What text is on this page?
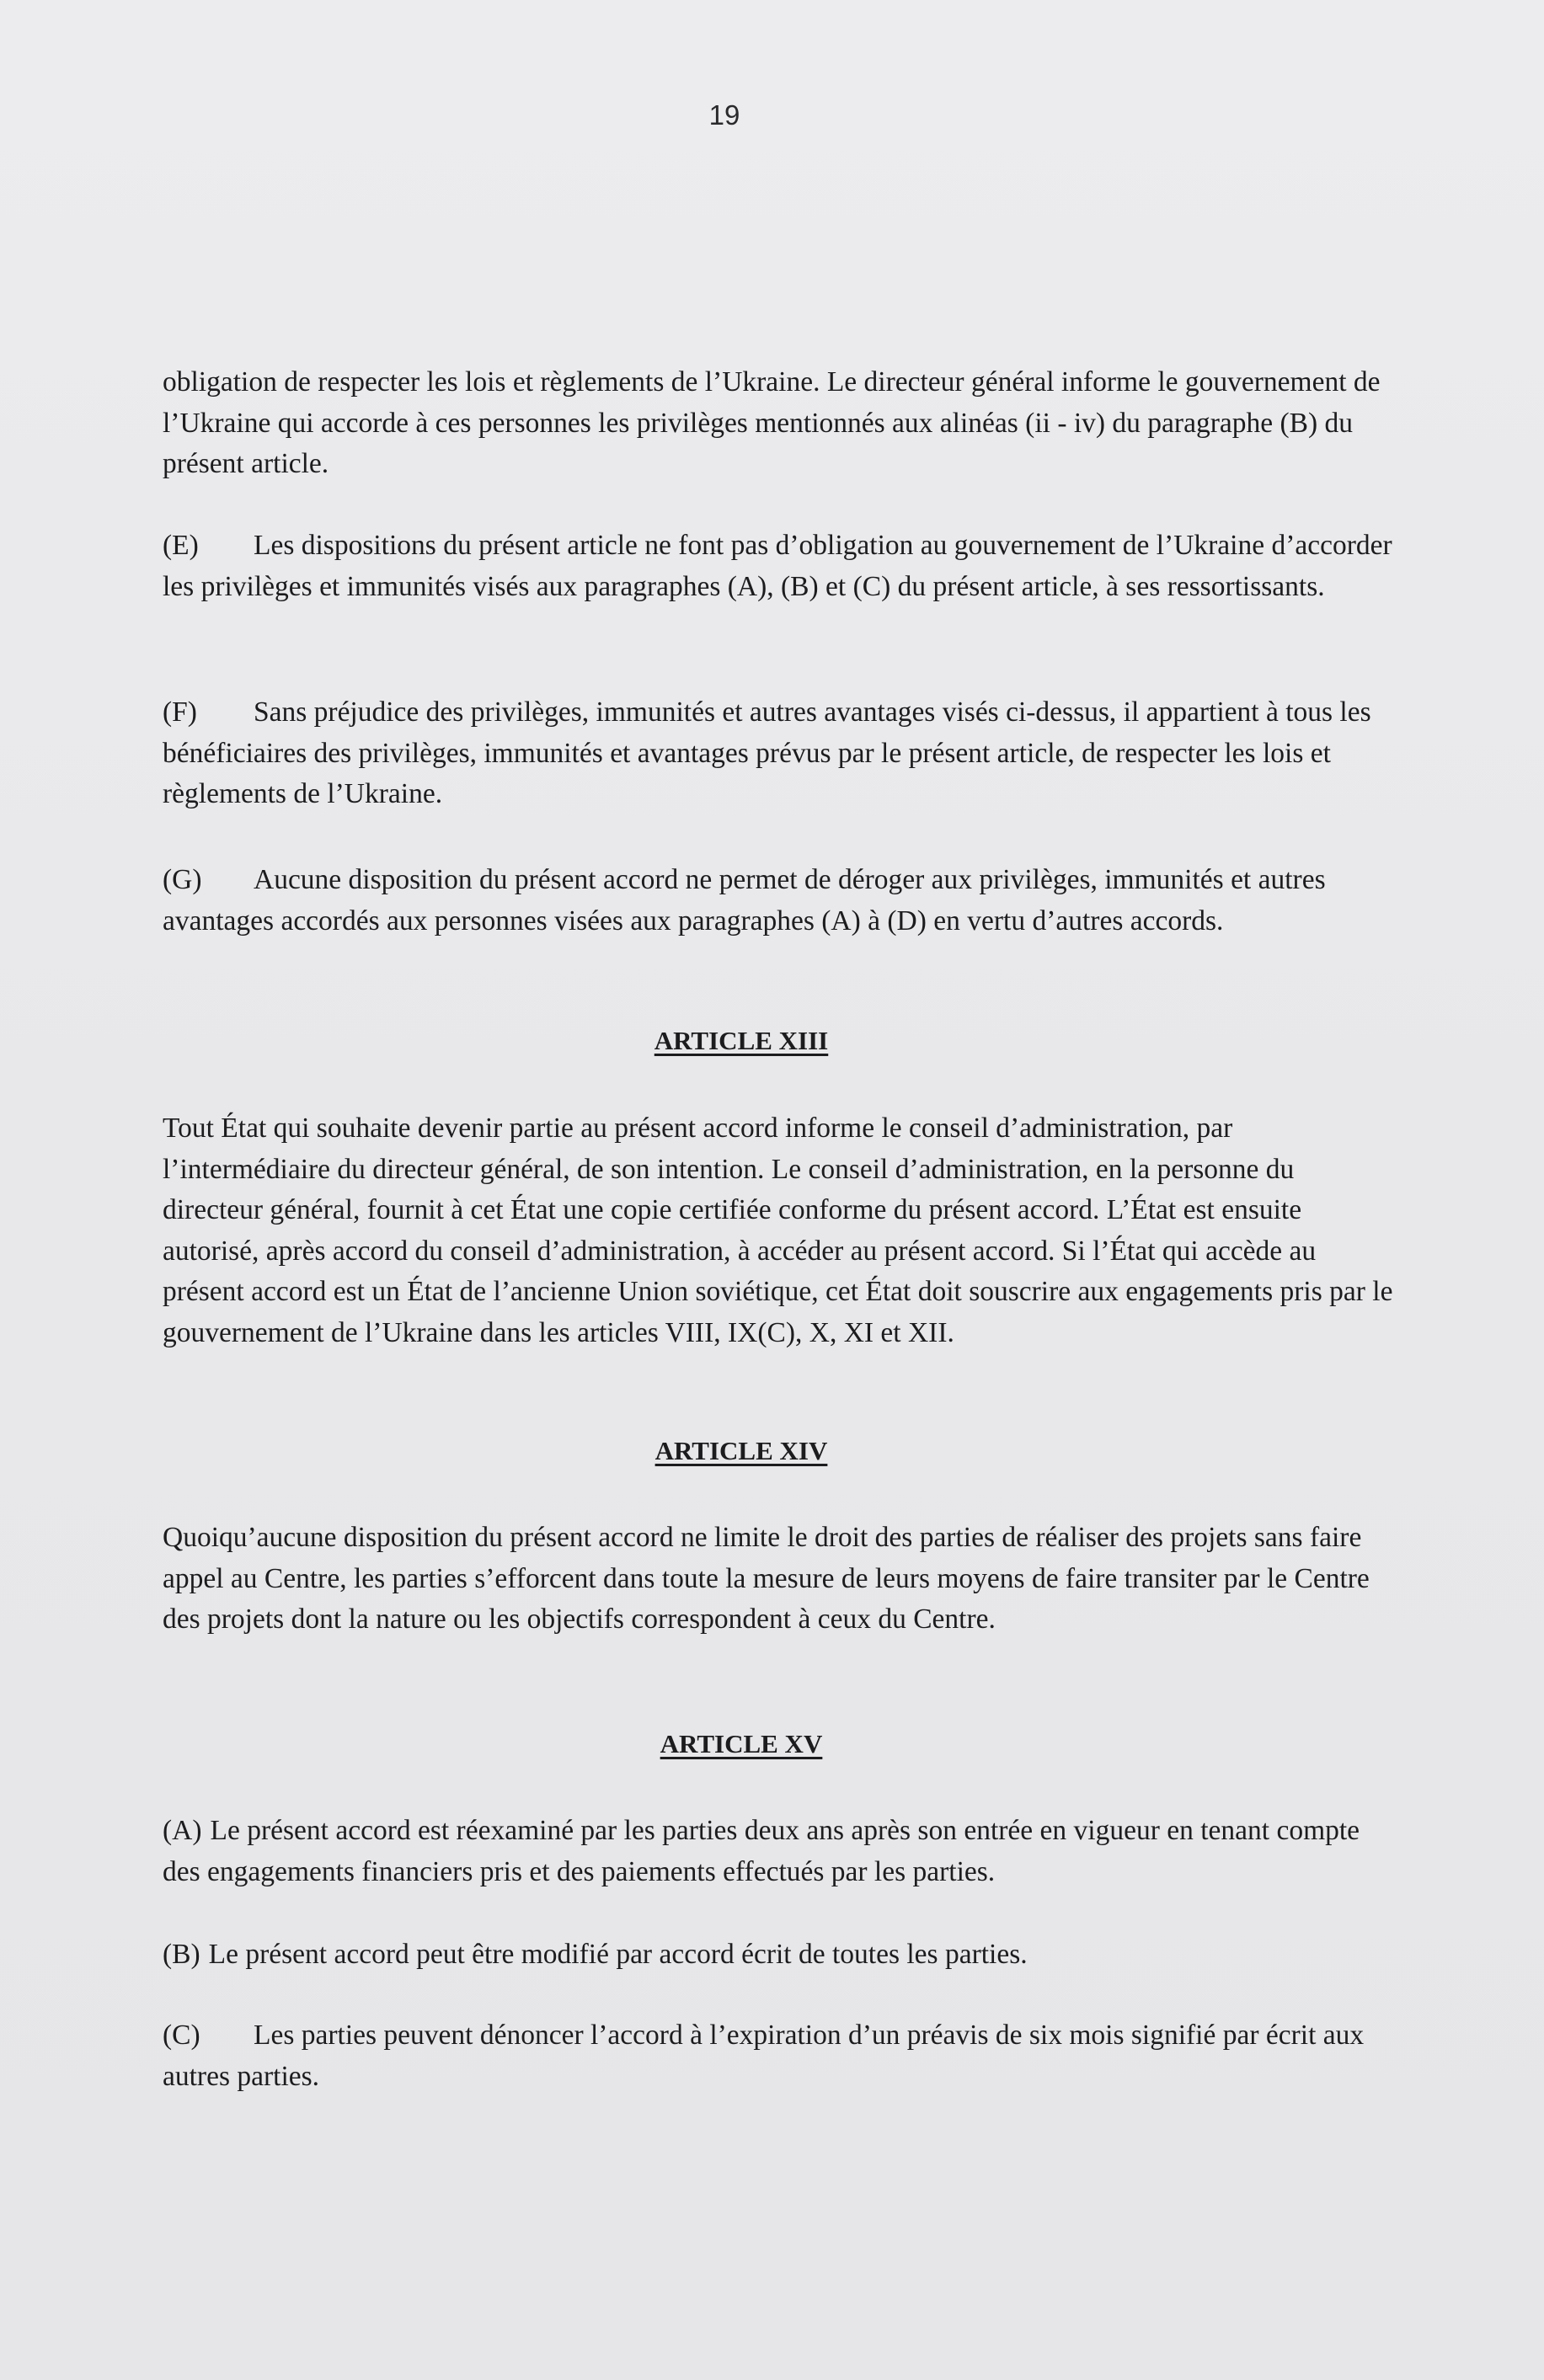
19

obligation de respecter les lois et règlements de l’Ukraine. Le directeur général informe le gouvernement de l’Ukraine qui accorde à ces personnes les privilèges mentionnés aux alinéas (ii - iv) du paragraphe (B) du présent article.

(E) Les dispositions du présent article ne font pas d’obligation au gouvernement de l’Ukraine d’accorder les privilèges et immunités visés aux paragraphes (A), (B) et (C) du présent article, à ses ressortissants.

(F) Sans préjudice des privilèges, immunités et autres avantages visés ci-dessus, il appartient à tous les bénéficiaires des privilèges, immunités et avantages prévus par le présent article, de respecter les lois et règlements de l’Ukraine.

(G) Aucune disposition du présent accord ne permet de déroger aux privilèges, immunités et autres avantages accordés aux personnes visées aux paragraphes (A) à (D) en vertu d’autres accords.

ARTICLE XIII

Tout État qui souhaite devenir partie au présent accord informe le conseil d’administration, par l’intermédiaire du directeur général, de son intention. Le conseil d’administration, en la personne du directeur général, fournit à cet État une copie certifiée conforme du présent accord. L’État est ensuite autorisé, après accord du conseil d’administration, à accéder au présent accord. Si l’État qui accède au présent accord est un État de l’ancienne Union soviétique, cet État doit souscrire aux engagements pris par le gouvernement de l’Ukraine dans les articles VIII, IX(C), X, XI et XII.

ARTICLE XIV

Quoiqu’aucune disposition du présent accord ne limite le droit des parties de réaliser des projets sans faire appel au Centre, les parties s’efforcent dans toute la mesure de leurs moyens de faire transiter par le Centre des projets dont la nature ou les objectifs correspondent à ceux du Centre.

ARTICLE XV

(A) Le présent accord est réexaminé par les parties deux ans après son entrée en vigueur en tenant compte des engagements financiers pris et des paiements effectués par les parties.

(B) Le présent accord peut être modifié par accord écrit de toutes les parties.

(C) Les parties peuvent dénoncer l’accord à l’expiration d’un préavis de six mois signifié par écrit aux autres parties.
